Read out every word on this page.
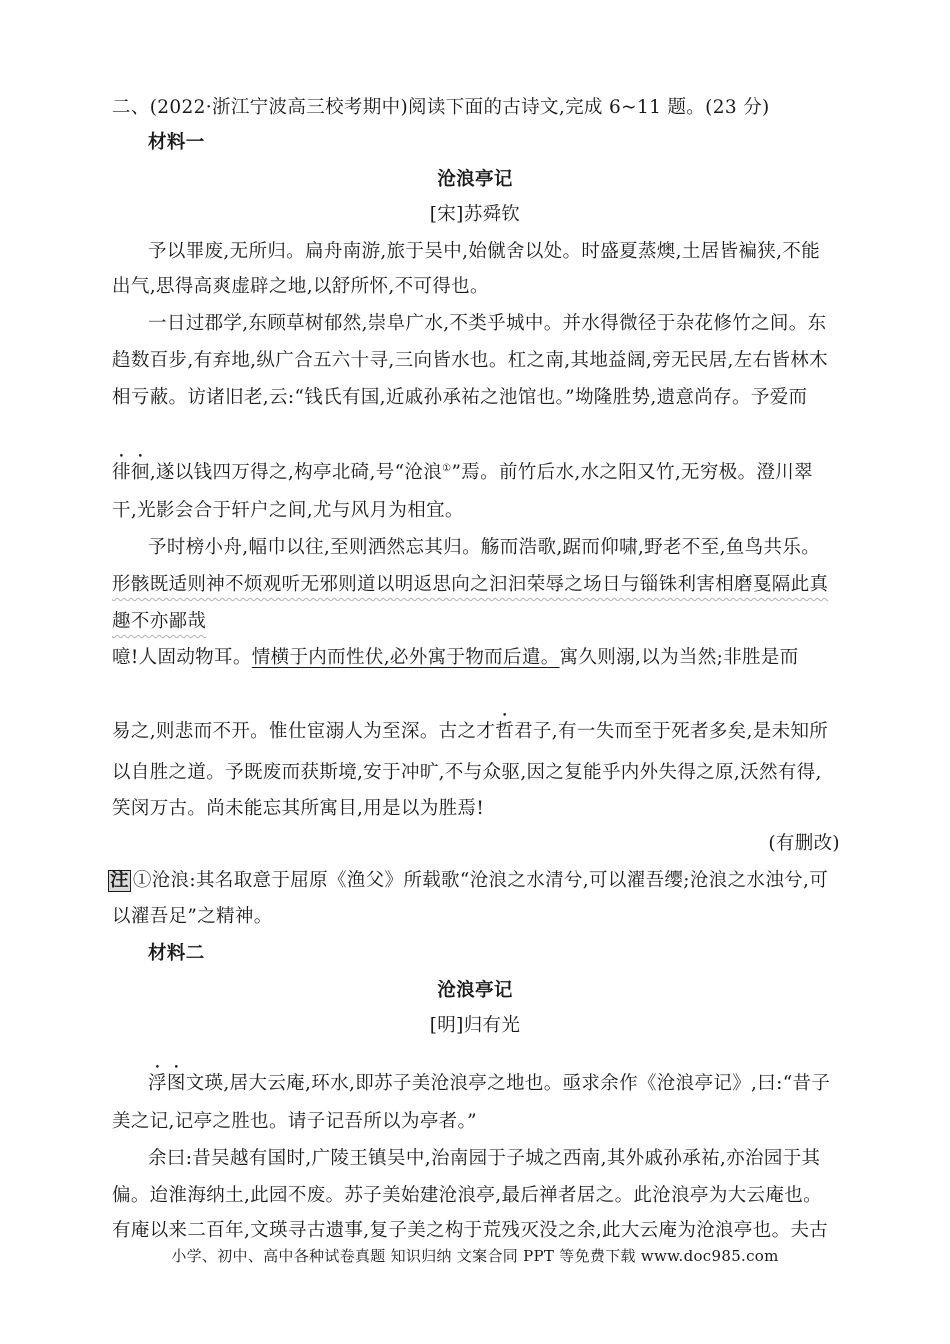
二、(2022·浙江宁波高三校考期中)阅读下面的古诗文,完成 6~11 题。(23 分)
材料一
沧浪亭记
[宋]苏舜钦
予以罪废,无所归。扁舟南游,旅于吴中,始僦舍以处。时盛夏蒸燠,土居皆褊狭,不能
出气,思得高爽虚辟之地,以舒所怀,不可得也。
一日过郡学,东顾草树郁然,崇阜广水,不类乎城中。并水得微径于杂花修竹之间。东
趋数百步,有弃地,纵广合五六十寻,三向皆水也。杠之南,其地益阔,旁无民居,左右皆林木
相亏蔽。访诸旧老,云:“钱氏有国,近戚孙承祐之池馆也。”坳隆胜势,遗意尚存。予爱而
徘徊,遂以钱四万得之,构亭北碕,号“沧浪①”焉。前竹后水,水之阳又竹,无穷极。澄川翠
干,光影会合于轩户之间,尤与风月为相宜。
予时榜小舟,幅巾以往,至则洒然忘其归。觞而浩歌,踞而仰啸,野老不至,鱼鸟共乐。
形骸既适则神不烦观听无邪则道以明返思向之汩汩荣辱之场日与锱铢利害相磨戛隔此真
趣不亦鄙哉
噫!人固动物耳。情横于内而性伏,必外寓于物而后遣。寓久则溺,以为当然;非胜是而
易之,则悲而不开。惟仕宦溺人为至深。古之才哲君子,有一失而至于死者多矣,是未知所
以自胜之道。予既废而获斯境,安于冲旷,不与众驱,因之复能乎内外失得之原,沃然有得,
笑闵万古。尚未能忘其所寓目,用是以为胜焉!
(有删改)
注 ①沧浪:其名取意于屈原《渔父》所载歌“沧浪之水清兮,可以濯吾缨;沧浪之水浊兮,可
以濯吾足”之精神。
材料二
沧浪亭记
[明]归有光
浮图文瑛,居大云庵,环水,即苏子美沧浪亭之地也。亟求余作《沧浪亭记》,曰:“昔子
美之记,记亭之胜也。请子记吾所以为亭者。”
余曰:昔吴越有国时,广陵王镇吴中,治南园于子城之西南,其外戚孙承祐,亦治园于其
偏。迨淮海纳土,此园不废。苏子美始建沧浪亭,最后禅者居之。此沧浪亭为大云庵也。
有庵以来二百年,文瑛寻古遗事,复子美之构于荒残灭没之余,此大云庵为沧浪亭也。夫古
小学、初中、高中各种试卷真题 知识归纳 文案合同 PPT 等免费下载 www.doc985.com
